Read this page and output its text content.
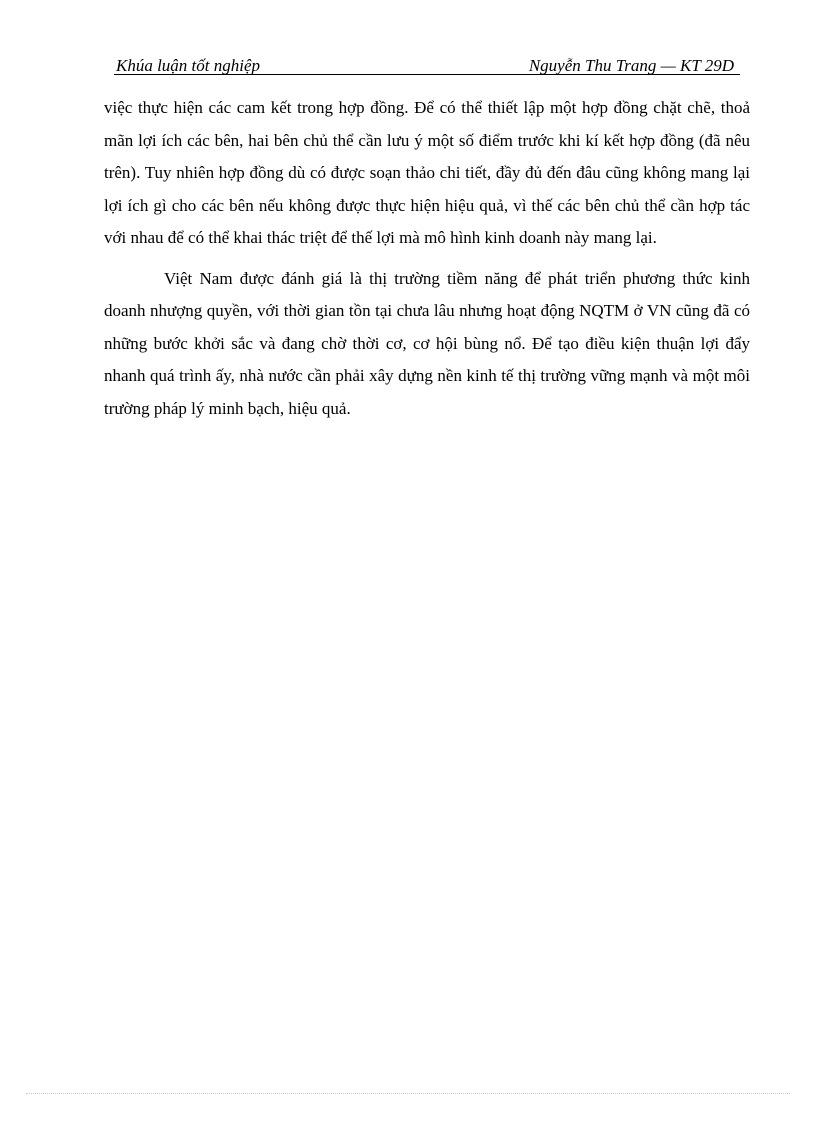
Khúa luận tốt nghiệp	Nguyễn Thu Trang — KT 29D

việc thực hiện các cam kết trong hợp đồng. Để có thể thiết lập một hợp đồng chặt chẽ, thoả mãn lợi ích các bên, hai bên chủ thể cần lưu ý một số điểm trước khi kí kết hợp đồng (đã nêu trên). Tuy nhiên hợp đồng dù có được soạn thảo chi tiết, đầy đủ đến đâu cũng không mang lại lợi ích gì cho các bên nếu không được thực hiện hiệu quả, vì thế các bên chủ thể cần hợp tác với nhau để có thể khai thác triệt để thế lợi mà mô hình kinh doanh này mang lại.

Việt Nam được đánh giá là thị trường tiềm năng để phát triển phương thức kinh doanh nhượng quyền, với thời gian tồn tại chưa lâu nhưng hoạt động NQTM ở VN cũng đã có những bước khởi sắc và đang chờ thời cơ, cơ hội bùng nổ. Để tạo điều kiện thuận lợi đẩy nhanh quá trình ấy, nhà nước cần phải xây dựng nền kinh tế thị trường vững mạnh và một môi trường pháp lý minh bạch, hiệu quả.
